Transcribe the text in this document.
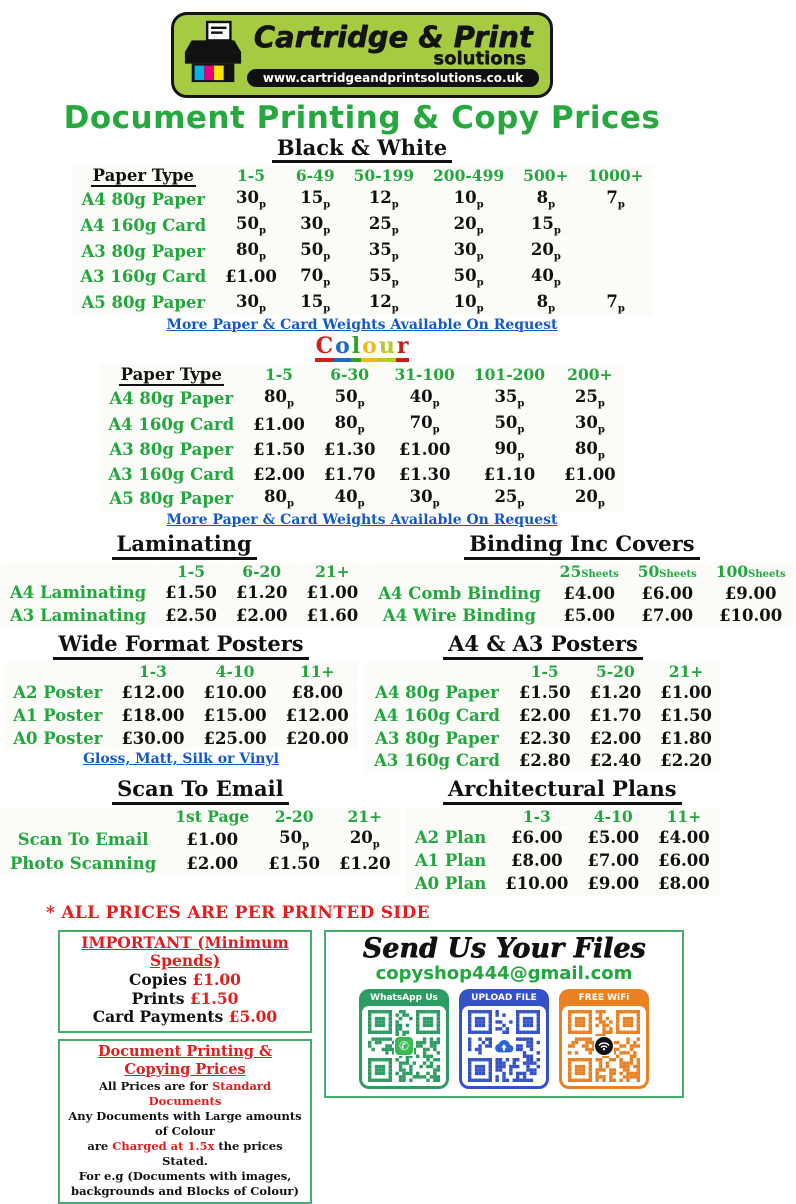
Cartridge & Print
solutions
www.cartridgeandprintsolutions.co.uk
Document Printing & Copy Prices
Black & White
Paper Type	1-5	6-49	50-199	200-499	500+	1000+
A4 80g Paper	$30_p$	$15_p$	$12_p$	$10_p$	$8_p$	$7_p$
A4 160g Card	$50_p$	$30_p$	$25_p$	$20_p$	$15_p$	
A3 80g Paper	$80_p$	$50_p$	$35_p$	$30_p$	$20_p$	
A3 160g Card	£1.00	$70_p$	$55_p$	$50_p$	$40_p$	
A5 80g Paper	$30_p$	$15_p$	$12_p$	$10_p$	$8_p$	$7_p$
More Paper & Card Weights Available On Request
Colour
Paper Type	1-5	6-30	31-100	101-200	200+
A4 80g Paper	$80_p$	$50_p$	$40_p$	$35_p$	$25_p$
A4 160g Card	£1.00	$80_p$	$70_p$	$50_p$	$30_p$
A3 80g Paper	£1.50	£1.30	£1.00	$90_p$	$80_p$
A3 160g Card	£2.00	£1.70	£1.30	£1.10	£1.00
A5 80g Paper	$80_p$	$40_p$	$30_p$	$25_p$	$20_p$
More Paper & Card Weights Available On Request
Laminating
	1-5	6-20	21+
A4 Laminating	£1.50	£1.20	£1.00
A3 Laminating	£2.50	£2.00	£1.60
Binding Inc Covers
	25Sheets	50Sheets	100Sheets
A4 Comb Binding	£4.00	£6.00	£9.00
A4 Wire Binding	£5.00	£7.00	£10.00
Wide Format Posters
	1-3	4-10	11+
A2 Poster	£12.00	£10.00	£8.00
A1 Poster	£18.00	£15.00	£12.00
A0 Poster	£30.00	£25.00	£20.00
Gloss, Matt, Silk or Vinyl
A4 & A3 Posters
	1-5	5-20	21+
A4 80g Paper	£1.50	£1.20	£1.00
A4 160g Card	£2.00	£1.70	£1.50
A3 80g Paper	£2.30	£2.00	£1.80
A3 160g Card	£2.80	£2.40	£2.20
Scan To Email
	1st Page	2-20	21+
Scan To Email	£1.00	$50_p$	$20_p$
Photo Scanning	£2.00	£1.50	£1.20
Architectural Plans
	1-3	4-10	11+
A2 Plan	£6.00	£5.00	£4.00
A1 Plan	£8.00	£7.00	£6.00
A0 Plan	£10.00	£9.00	£8.00
* ALL PRICES ARE PER PRINTED SIDE
IMPORTANT (Minimum Spends)
Copies £1.00
Prints £1.50
Card Payments £5.00
Document Printing & Copying Prices
All Prices are for Standard Documents
Any Documents with Large amounts of Colour
are Charged at 1.5x the prices Stated.
For e.g (Documents with images, backgrounds and Blocks of Colour)
Send Us Your Files
copyshop444@gmail.com
WhatsApp Us
✆
UPLOAD FILE	FREE WiFi
